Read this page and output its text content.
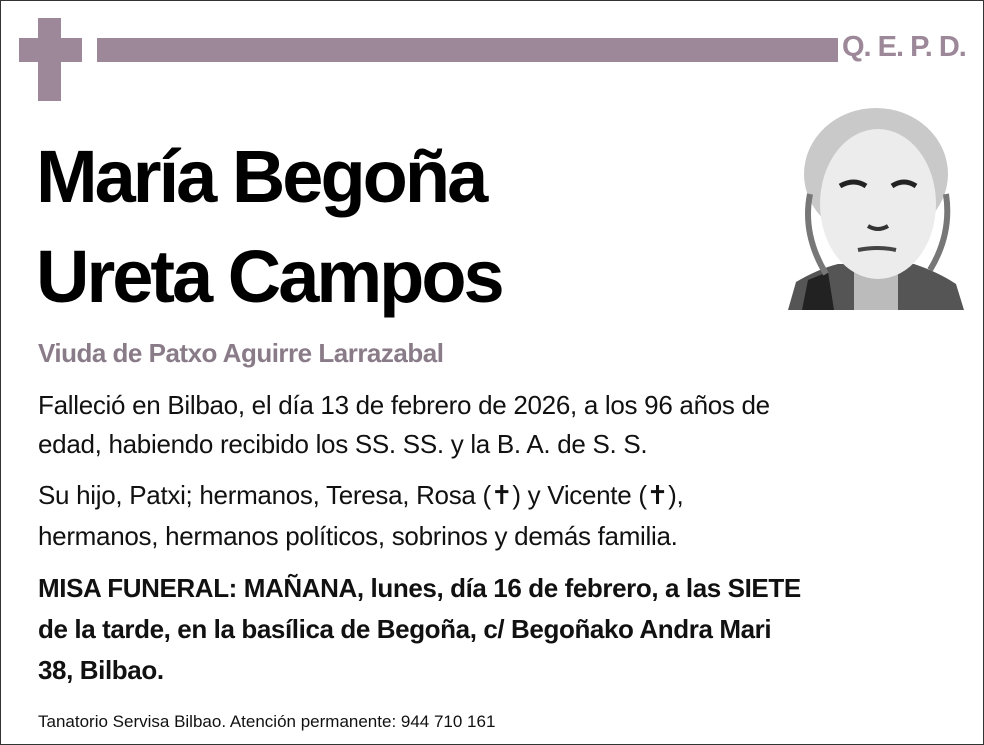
Q. E. P. D.
María Begoña
Ureta Campos
Viuda de Patxo Aguirre Larrazabal
Falleció en Bilbao, el día 13 de febrero de 2026, a los 96 años de
edad, habiendo recibido los SS. SS. y la B. A. de S. S.
Su hijo, Patxi; hermanos, Teresa, Rosa (✝) y Vicente (✝),
hermanos, hermanos políticos, sobrinos y demás familia.
MISA FUNERAL: MAÑANA, lunes, día 16 de febrero, a las SIETE
de la tarde, en la basílica de Begoña, c/ Begoñako Andra Mari
38, Bilbao.
Tanatorio Servisa Bilbao. Atención permanente: 944 710 161
